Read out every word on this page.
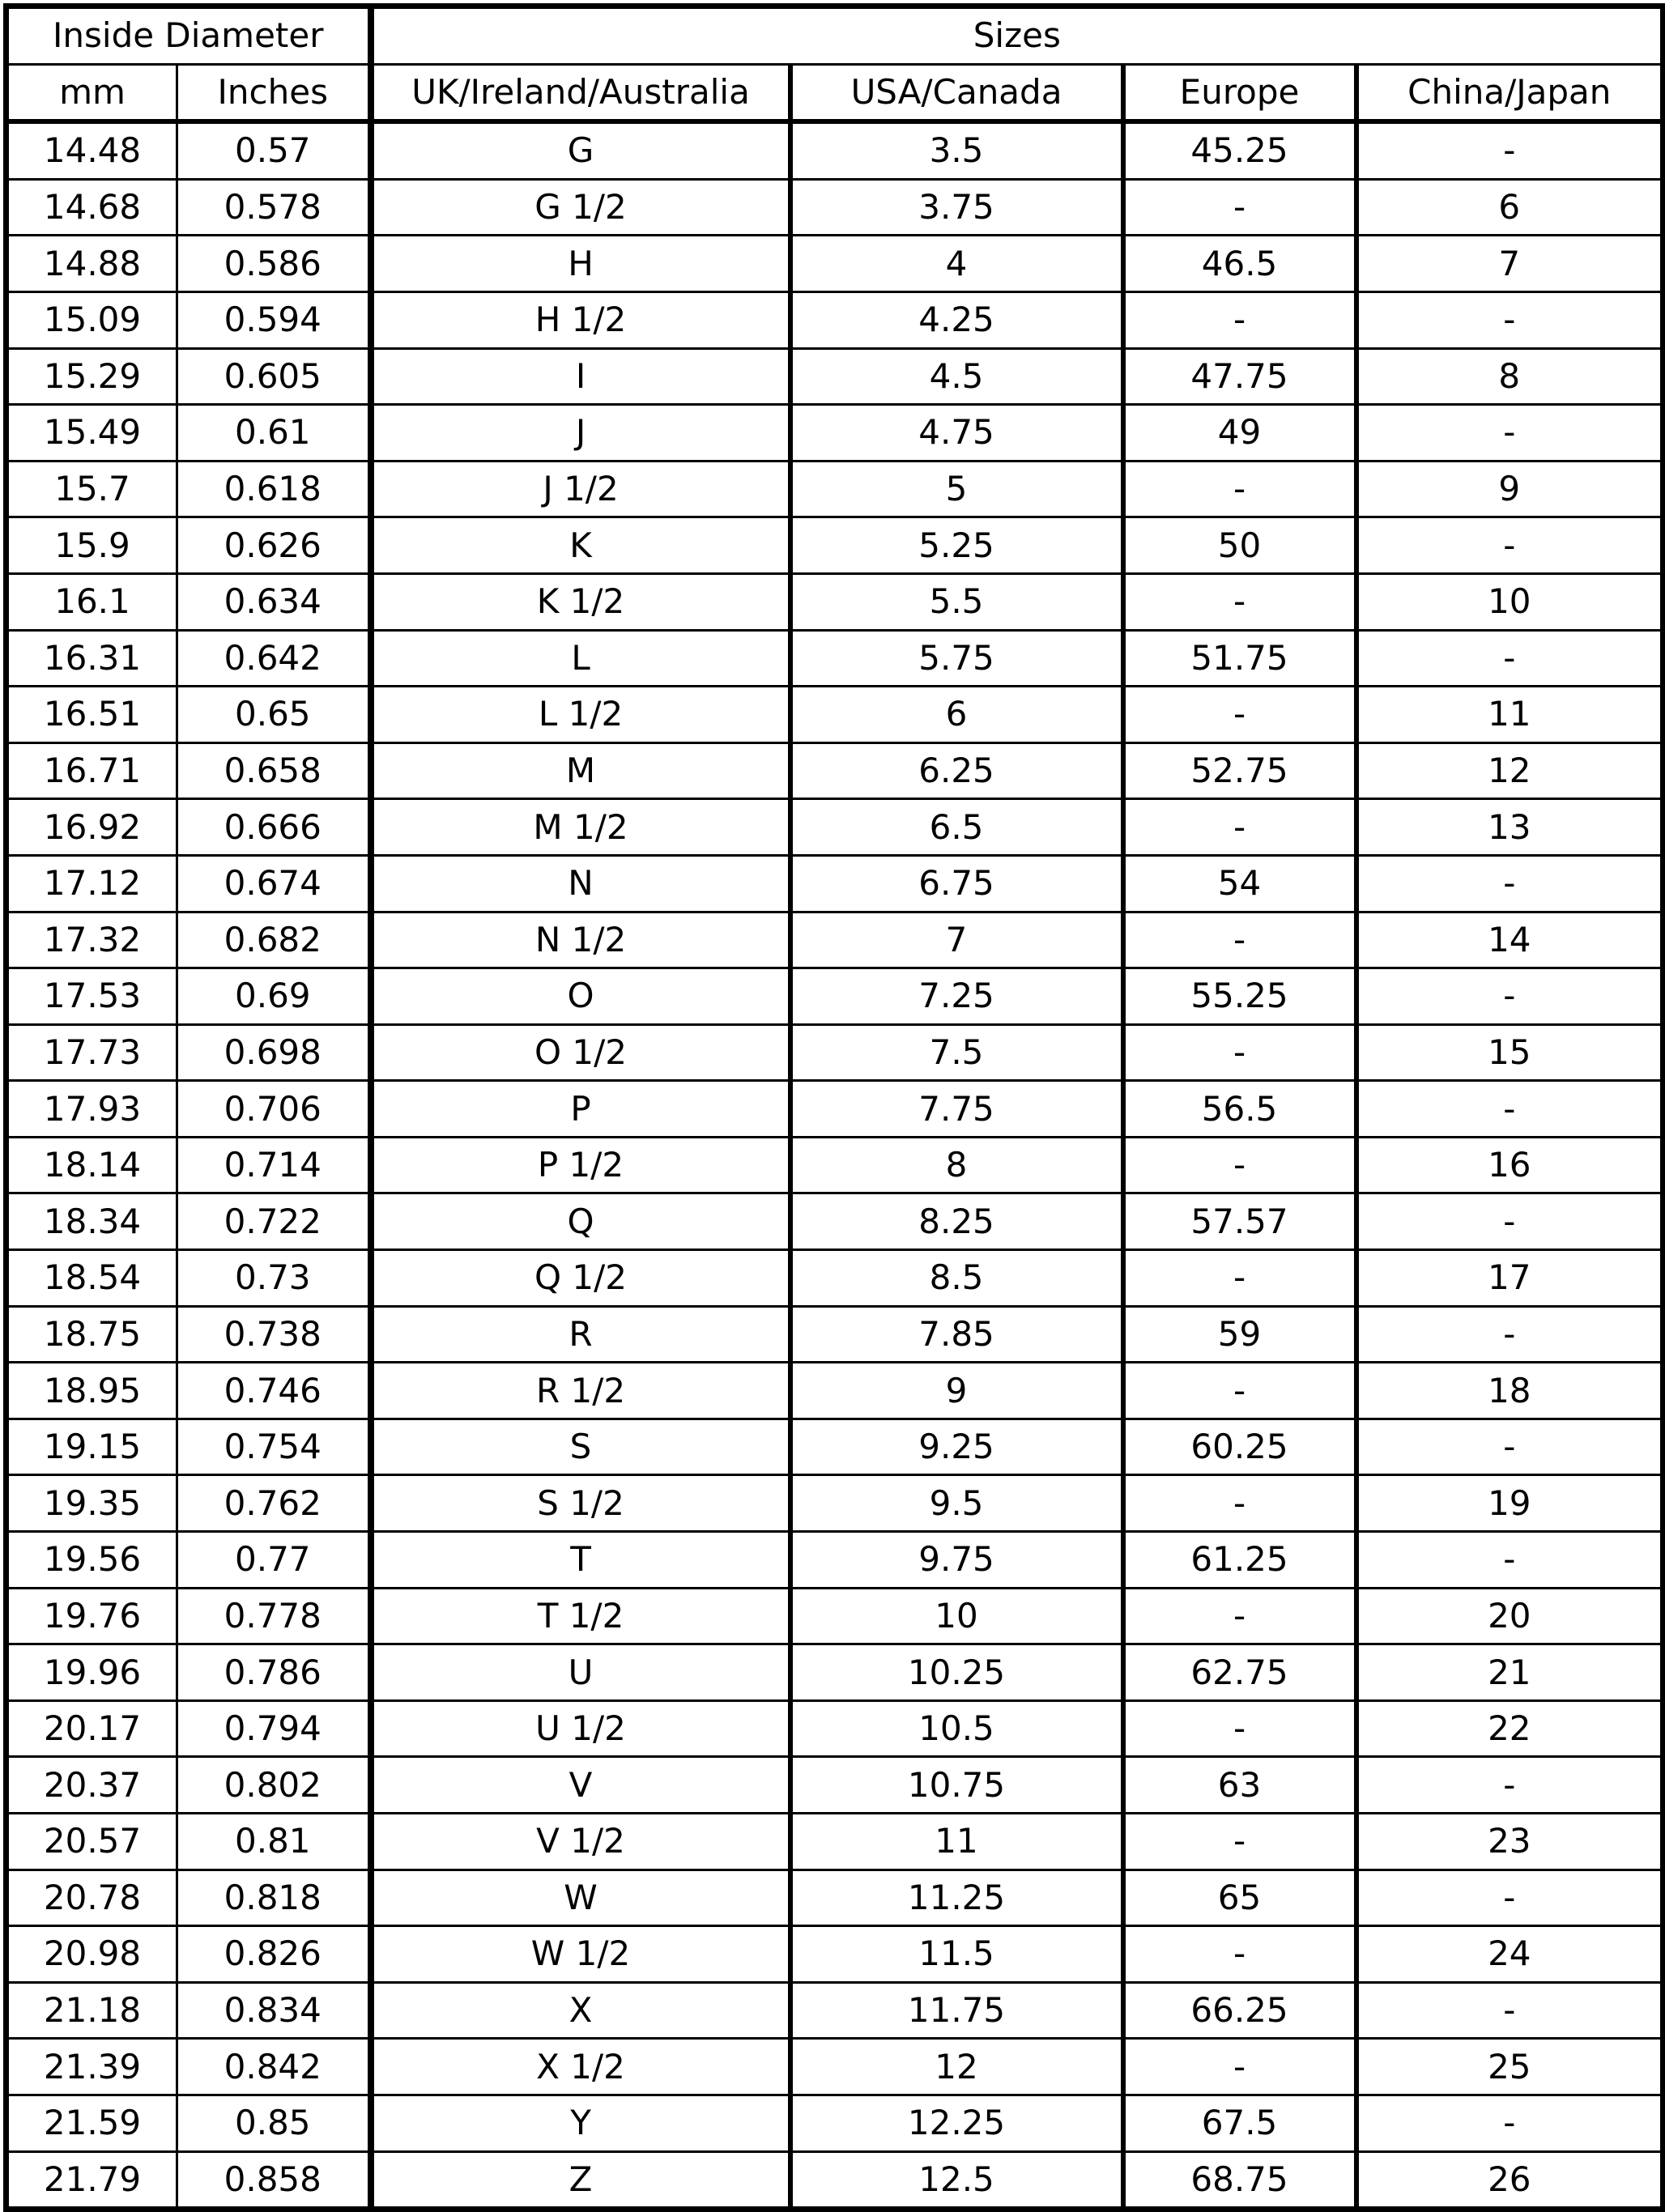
Inside Diameter		Sizes			
mm	Inches	UK/Ireland/Australia	USA/Canada	Europe	China/Japan
14.48	0.57	G	3.5	45.25	-
14.68	0.578	G 1/2	3.75	-	6
14.88	0.586	H	4	46.5	7
15.09	0.594	H 1/2	4.25	-	-
15.29	0.605	I	4.5	47.75	8
15.49	0.61	J	4.75	49	-
15.7	0.618	J 1/2	5	-	9
15.9	0.626	K	5.25	50	-
16.1	0.634	K 1/2	5.5	-	10
16.31	0.642	L	5.75	51.75	-
16.51	0.65	L 1/2	6	-	11
16.71	0.658	M	6.25	52.75	12
16.92	0.666	M 1/2	6.5	-	13
17.12	0.674	N	6.75	54	-
17.32	0.682	N 1/2	7	-	14
17.53	0.69	O	7.25	55.25	-
17.73	0.698	O 1/2	7.5	-	15
17.93	0.706	P	7.75	56.5	-
18.14	0.714	P 1/2	8	-	16
18.34	0.722	Q	8.25	57.57	-
18.54	0.73	Q 1/2	8.5	-	17
18.75	0.738	R	7.85	59	-
18.95	0.746	R 1/2	9	-	18
19.15	0.754	S	9.25	60.25	-
19.35	0.762	S 1/2	9.5	-	19
19.56	0.77	T	9.75	61.25	-
19.76	0.778	T 1/2	10	-	20
19.96	0.786	U	10.25	62.75	21
20.17	0.794	U 1/2	10.5	-	22
20.37	0.802	V	10.75	63	-
20.57	0.81	V 1/2	11	-	23
20.78	0.818	W	11.25	65	-
20.98	0.826	W 1/2	11.5	-	24
21.18	0.834	X	11.75	66.25	-
21.39	0.842	X 1/2	12	-	25
21.59	0.85	Y	12.25	67.5	-
21.79	0.858	Z	12.5	68.75	26
